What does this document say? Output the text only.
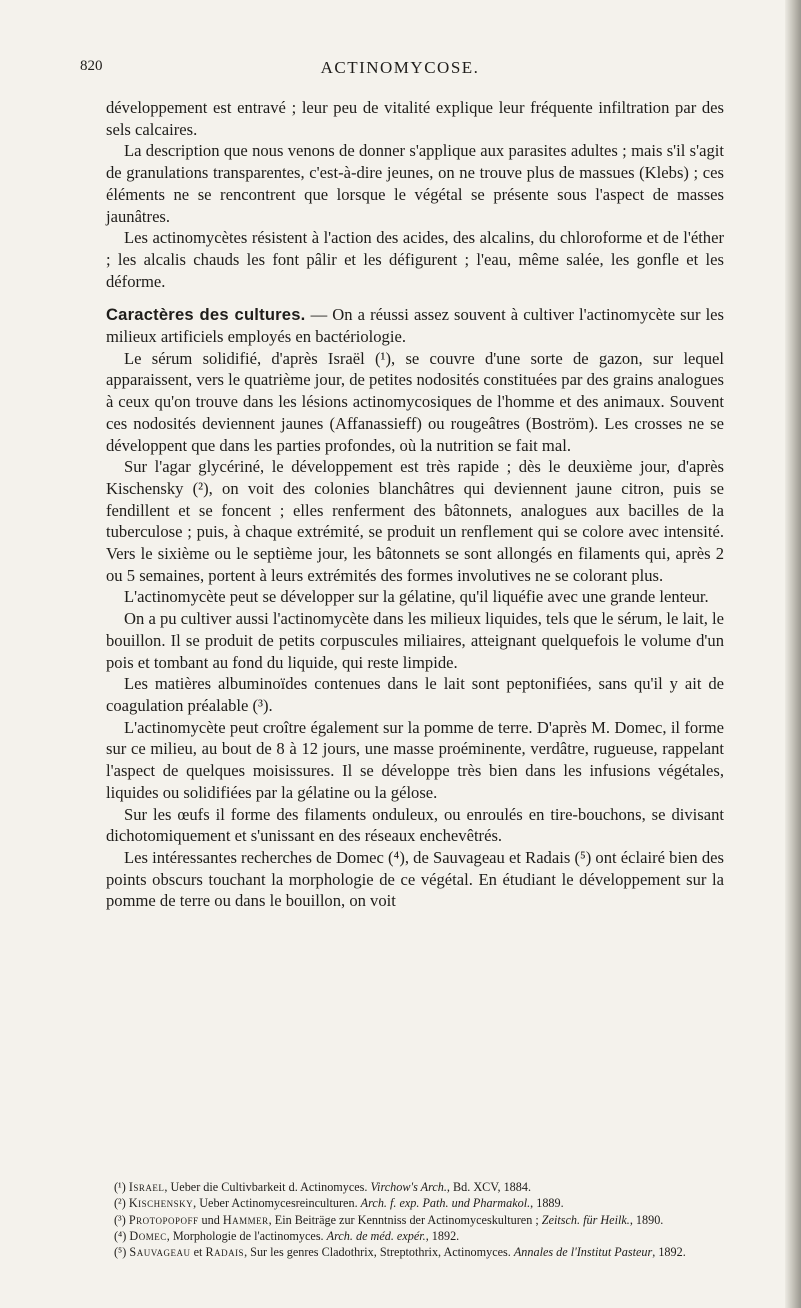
820	ACTINOMYCOSE.

développement est entravé ; leur peu de vitalité explique leur fréquente infiltration par des sels calcaires.

La description que nous venons de donner s'applique aux parasites adultes ; mais s'il s'agit de granulations transparentes, c'est-à-dire jeunes, on ne trouve plus de massues (Klebs) ; ces éléments ne se rencontrent que lorsque le végétal se présente sous l'aspect de masses jaunâtres.

Les actinomycètes résistent à l'action des acides, des alcalins, du chloroforme et de l'éther ; les alcalis chauds les font pâlir et les défigurent ; l'eau, même salée, les gonfle et les déforme.

Caractères des cultures. — On a réussi assez souvent à cultiver l'actinomycète sur les milieux artificiels employés en bactériologie.

Le sérum solidifié, d'après Israël (¹), se couvre d'une sorte de gazon, sur lequel apparaissent, vers le quatrième jour, de petites nodosités constituées par des grains analogues à ceux qu'on trouve dans les lésions actinomycosiques de l'homme et des animaux. Souvent ces nodosités deviennent jaunes (Affanassieff) ou rougeâtres (Boström). Les crosses ne se développent que dans les parties profondes, où la nutrition se fait mal.

Sur l'agar glycériné, le développement est très rapide ; dès le deuxième jour, d'après Kischensky (²), on voit des colonies blanchâtres qui deviennent jaune citron, puis se fendillent et se foncent ; elles renferment des bâtonnets, analogues aux bacilles de la tuberculose ; puis, à chaque extrémité, se produit un renflement qui se colore avec intensité. Vers le sixième ou le septième jour, les bâtonnets se sont allongés en filaments qui, après 2 ou 5 semaines, portent à leurs extrémités des formes involutives ne se colorant plus.

L'actinomycète peut se développer sur la gélatine, qu'il liquéfie avec une grande lenteur.

On a pu cultiver aussi l'actinomycète dans les milieux liquides, tels que le sérum, le lait, le bouillon. Il se produit de petits corpuscules miliaires, atteignant quelquefois le volume d'un pois et tombant au fond du liquide, qui reste limpide.

Les matières albuminoïdes contenues dans le lait sont peptonifiées, sans qu'il y ait de coagulation préalable (³).

L'actinomycète peut croître également sur la pomme de terre. D'après M. Domec, il forme sur ce milieu, au bout de 8 à 12 jours, une masse proéminente, verdâtre, rugueuse, rappelant l'aspect de quelques moisissures. Il se développe très bien dans les infusions végétales, liquides ou solidifiées par la gélatine ou la gélose.

Sur les œufs il forme des filaments onduleux, ou enroulés en tire-bouchons, se divisant dichotomiquement et s'unissant en des réseaux enchevêtrés.

Les intéressantes recherches de Domec (⁴), de Sauvageau et Radais (⁵) ont éclairé bien des points obscurs touchant la morphologie de ce végétal. En étudiant le développement sur la pomme de terre ou dans le bouillon, on voit

(¹) Israel, Ueber die Cultivbarkeit d. Actinomyces. Virchow's Arch., Bd. XCV, 1884.

(²) Kischensky, Ueber Actinomycesreinculturen. Arch. f. exp. Path. und Pharmakol., 1889.

(³) Protopopoff und Hammer, Ein Beiträge zur Kenntniss der Actinomyceskulturen ; Zeitsch. für Heilk., 1890.

(⁴) Domec, Morphologie de l'actinomyces. Arch. de méd. expér., 1892.

(⁵) Sauvageau et Radais, Sur les genres Cladothrix, Streptothrix, Actinomyces. Annales de l'Institut Pasteur, 1892.
